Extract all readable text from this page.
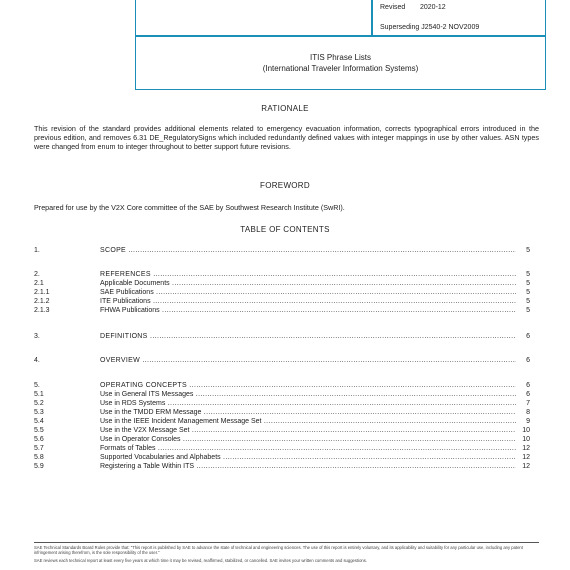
Revised 2020-12
Superseding J2540-2 NOV2009
ITIS Phrase Lists
(International Traveler Information Systems)
RATIONALE
This revision of the standard provides additional elements related to emergency evacuation information, corrects typographical errors introduced in the previous edition, and removes 6.31 DE_RegulatorySigns which included redundantly defined values with integer mappings in use by other values. ASN types were changed from enum to integer throughout to better support future revisions.
FOREWORD
Prepared for use by the V2X Core committee of the SAE by Southwest Research Institute (SwRI).
TABLE OF CONTENTS
1.	SCOPE .....	5
2.	REFERENCES .....	5
2.1	Applicable Documents .....	5
2.1.1	SAE Publications .....	5
2.1.2	ITE Publications .....	5
2.1.3	FHWA Publications .....	5
3.	DEFINITIONS .....	6
4.	OVERVIEW .....	6
5.	OPERATING CONCEPTS .....	6
5.1	Use in General ITS Messages .....	6
5.2	Use in RDS Systems .....	7
5.3	Use in the TMDD ERM Message .....	8
5.4	Use in the IEEE Incident Management Message Set .....	9
5.5	Use in the V2X Message Set .....	10
5.6	Use in Operator Consoles .....	10
5.7	Formats of Tables .....	12
5.8	Supported Vocabularies and Alphabets .....	12
5.9	Registering a Table Within ITS .....	12
SAE Technical Standards Board Rules provide that: "This report is published by SAE to advance the state of technical and engineering sciences. The use of this report is entirely voluntary, and its applicability and suitability for any particular use, including any patent infringement arising therefrom, is the sole responsibility of the user."
SAE reviews each technical report at least every five years at which time it may be revised, reaffirmed, stabilized, or cancelled. SAE invites your written comments and suggestions.
